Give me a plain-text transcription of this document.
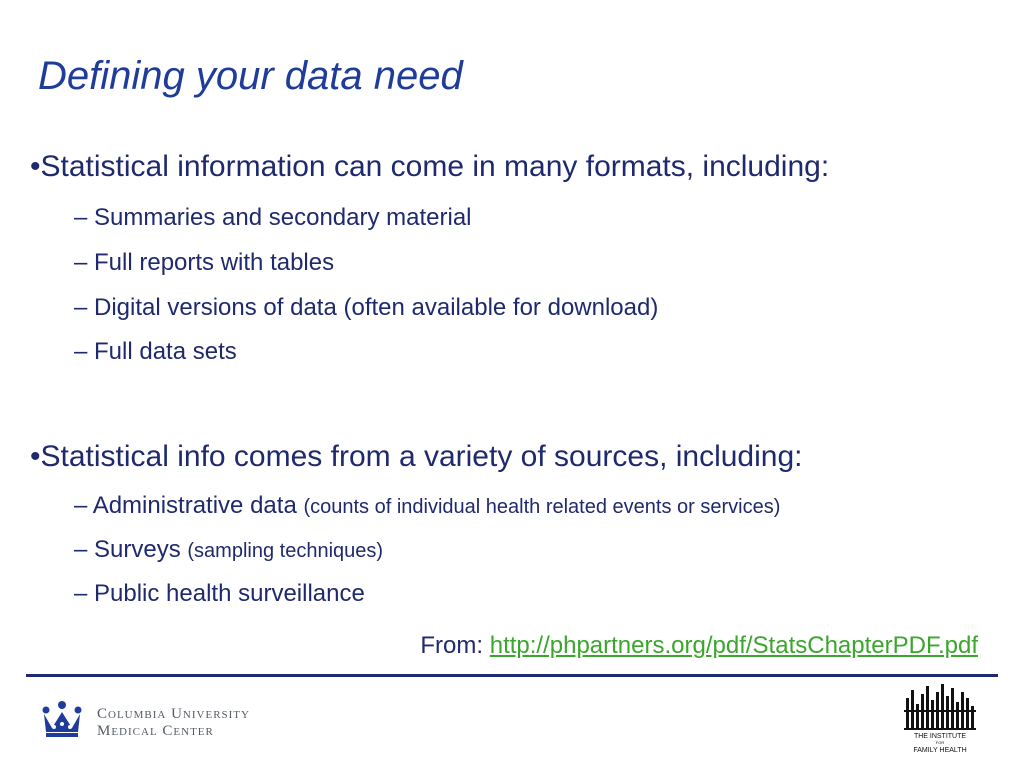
Defining your data need
•Statistical information can come in many formats, including:
– Summaries and secondary material
– Full reports with tables
– Digital versions of data (often available for download)
– Full data sets
•Statistical info comes from a variety of sources, including:
– Administrative data (counts of individual health related events or services)
– Surveys (sampling techniques)
– Public health surveillance
From: http://phpartners.org/pdf/StatsChapterPDF.pdf
Columbia University
Medical Center	THE INSTITUTE
FOR
FAMILY HEALTH
